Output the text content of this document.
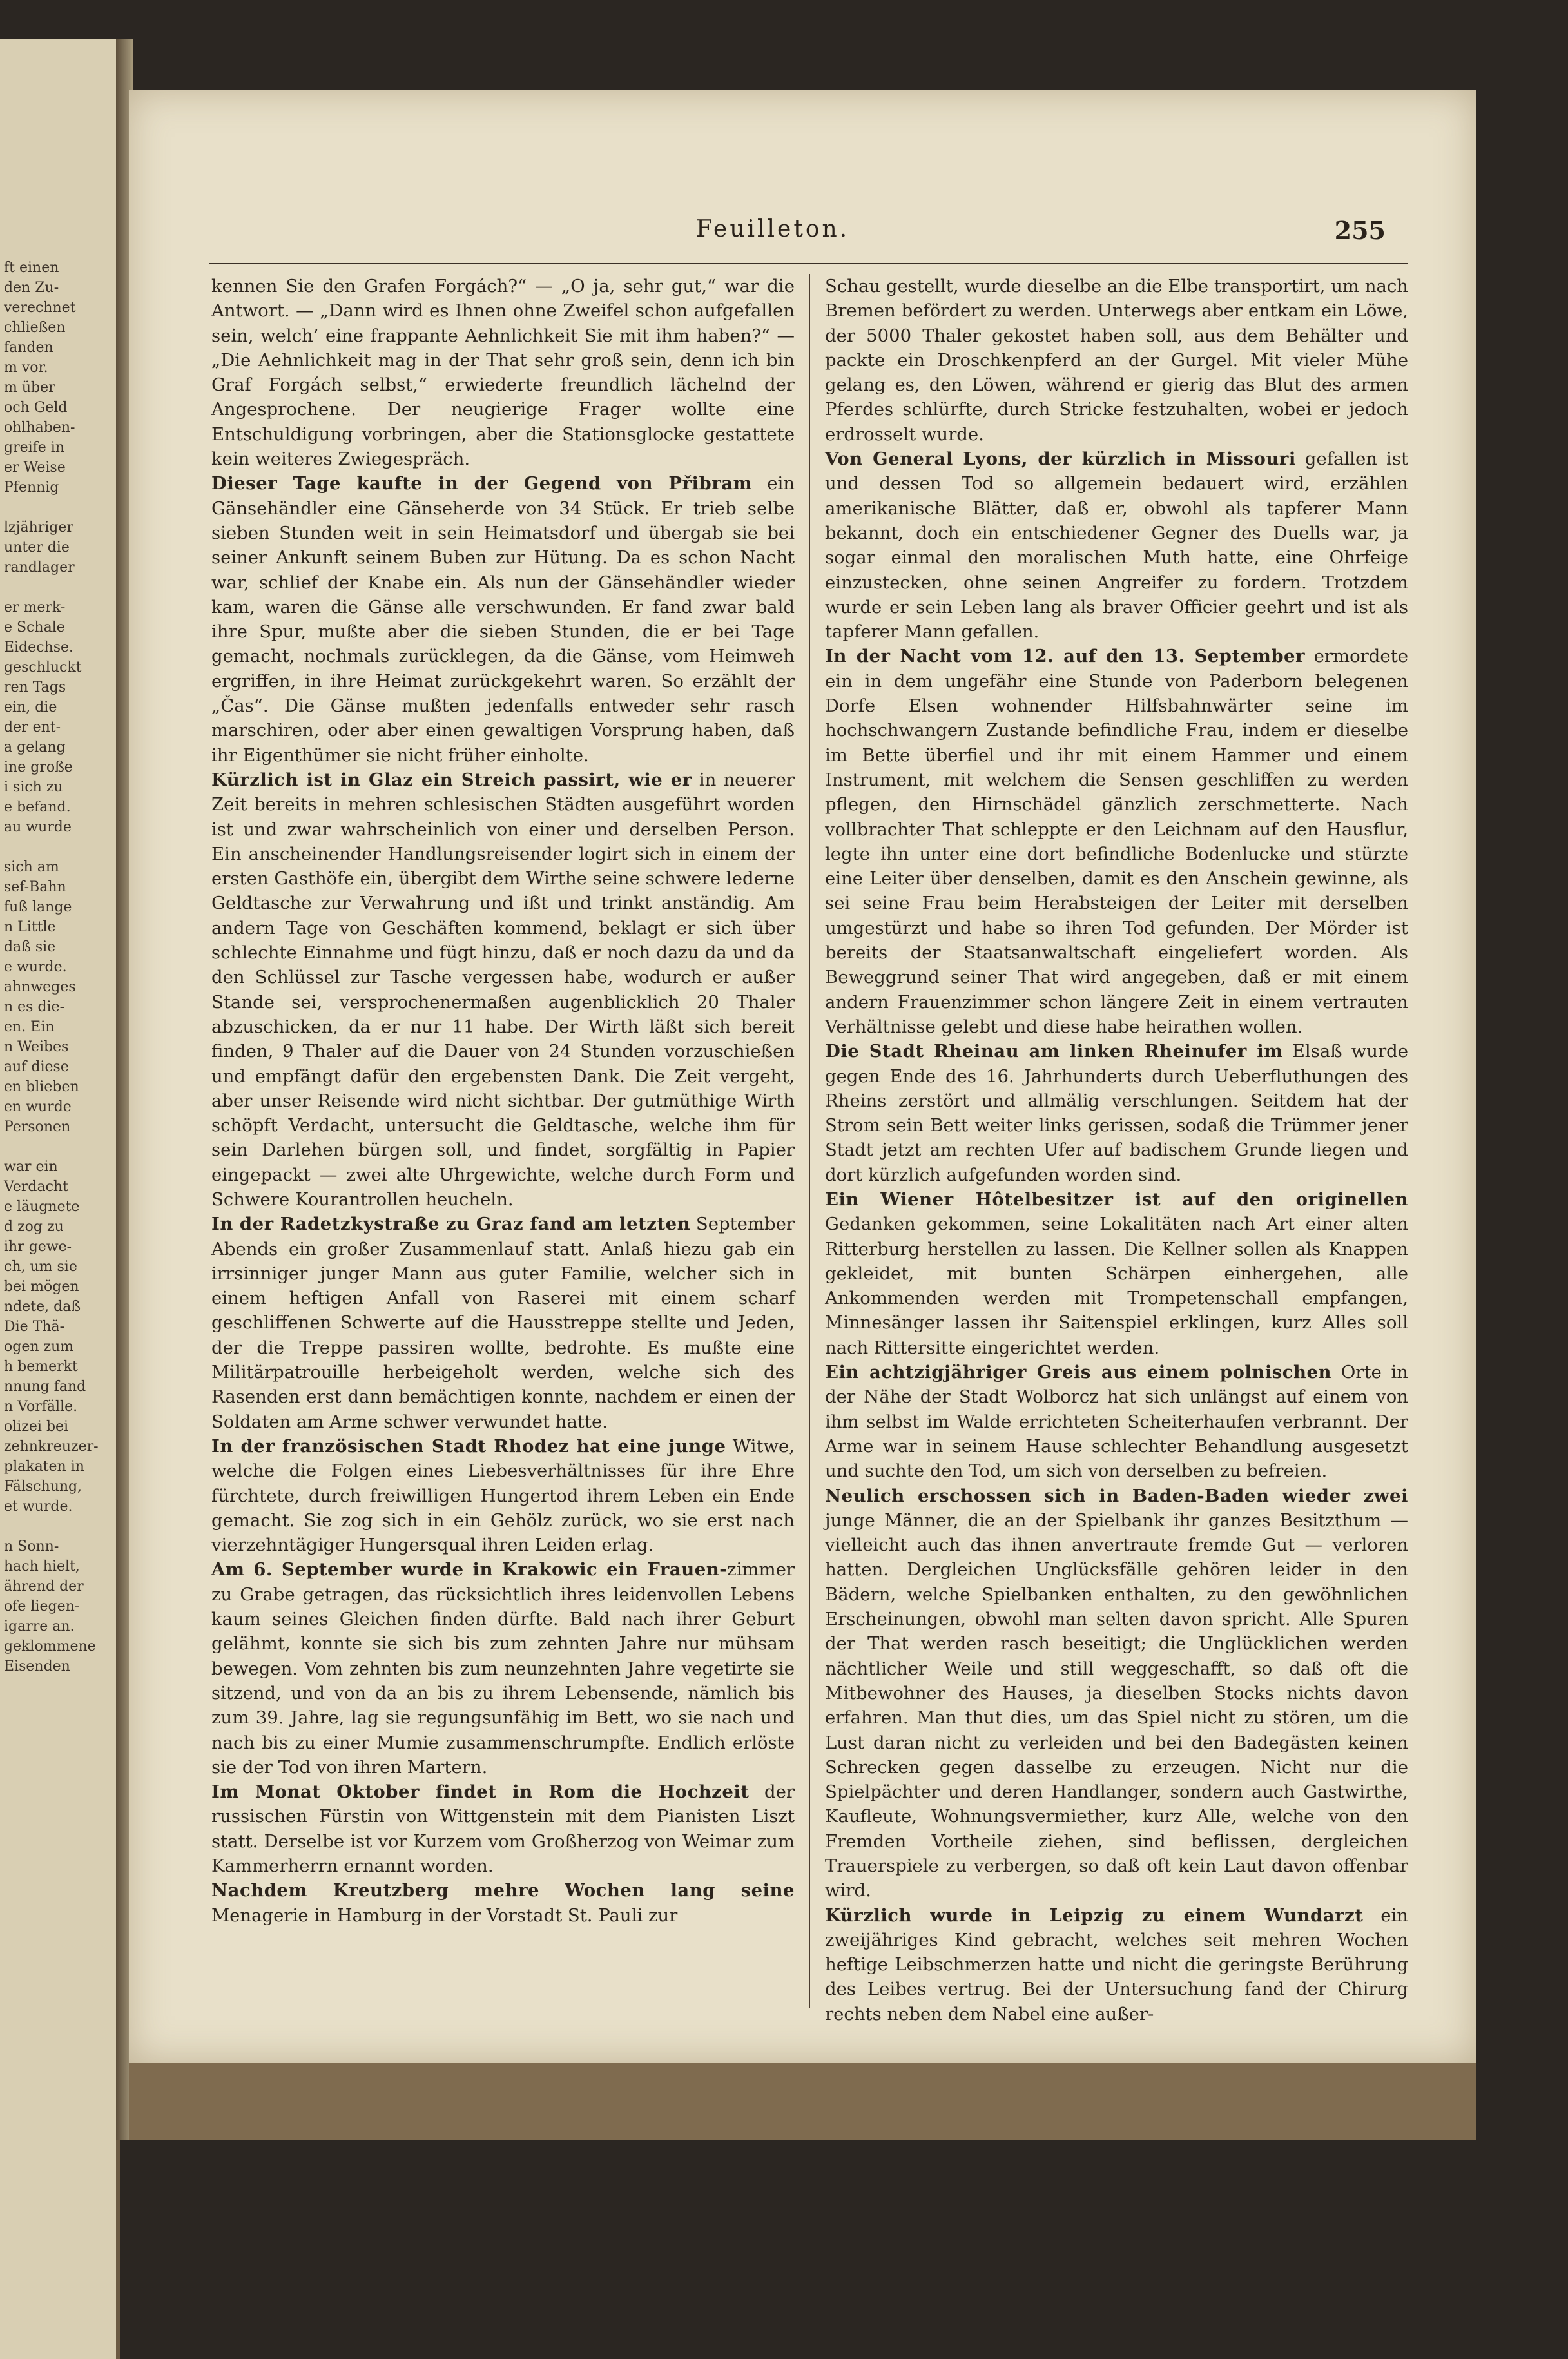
ft einen
den Zu-
verechnet
chließen
fanden
m vor.
m über
och Geld
ohlhaben-
greife in
er Weise
Pfennig

lzjähriger
unter die
randlager

er merk-
e Schale
Eidechse.
geschluckt
ren Tags
ein, die
der ent-
a gelang
ine große
i sich zu
e befand.
au wurde

sich am
sef-Bahn
fuß lange
n Little
daß sie
e wurde.
ahnweges
n es die-
en. Ein
n Weibes
auf diese
en blieben
en wurde
Personen

war ein
Verdacht
e läugnete
d zog zu
ihr gewe-
ch, um sie
bei mögen
ndete, daß
Die Thä-
ogen zum
h bemerkt
nnung fand
n Vorfälle.
olizei bei
zehnkreuzer-
plakaten in
Fälschung,
et wurde.

n Sonn-
hach hielt,
ährend der
ofe liegen-
igarre an.
geklommene
Eisenden
Feuilleton.	255

kennen Sie den Grafen Forgách?“ — „O ja, sehr gut,“ war die Antwort. — „Dann wird es Ihnen ohne Zweifel schon aufgefallen sein, welch’ eine frappante Aehnlichkeit Sie mit ihm haben?“ — „Die Aehnlichkeit mag in der That sehr groß sein, denn ich bin Graf Forgách selbst,“ erwiederte freundlich lächelnd der Angesprochene. Der neugierige Frager wollte eine Entschuldigung vorbringen, aber die Stationsglocke gestattete kein weiteres Zwiegespräch.

Dieser Tage kaufte in der Gegend von Přibram ein Gänsehändler eine Gänseherde von 34 Stück. Er trieb selbe sieben Stunden weit in sein Heimatsdorf und übergab sie bei seiner Ankunft seinem Buben zur Hütung. Da es schon Nacht war, schlief der Knabe ein. Als nun der Gänsehändler wieder kam, waren die Gänse alle verschwunden. Er fand zwar bald ihre Spur, mußte aber die sieben Stunden, die er bei Tage gemacht, nochmals zurücklegen, da die Gänse, vom Heimweh ergriffen, in ihre Heimat zurückgekehrt waren. So erzählt der „Čas“. Die Gänse mußten jedenfalls entweder sehr rasch marschiren, oder aber einen gewaltigen Vorsprung haben, daß ihr Eigenthümer sie nicht früher einholte.

Kürzlich ist in Glaz ein Streich passirt, wie er in neuerer Zeit bereits in mehren schlesischen Städten ausgeführt worden ist und zwar wahrscheinlich von einer und derselben Person. Ein anscheinender Handlungsreisender logirt sich in einem der ersten Gasthöfe ein, übergibt dem Wirthe seine schwere lederne Geldtasche zur Verwahrung und ißt und trinkt anständig. Am andern Tage von Geschäften kommend, beklagt er sich über schlechte Einnahme und fügt hinzu, daß er noch dazu da und da den Schlüssel zur Tasche vergessen habe, wodurch er außer Stande sei, versprochenermaßen augenblicklich 20 Thaler abzuschicken, da er nur 11 habe. Der Wirth läßt sich bereit finden, 9 Thaler auf die Dauer von 24 Stunden vorzuschießen und empfängt dafür den ergebensten Dank. Die Zeit vergeht, aber unser Reisende wird nicht sichtbar. Der gutmüthige Wirth schöpft Verdacht, untersucht die Geldtasche, welche ihm für sein Darlehen bürgen soll, und findet, sorgfältig in Papier eingepackt — zwei alte Uhrgewichte, welche durch Form und Schwere Kourantrollen heucheln.

In der Radetzkystraße zu Graz fand am letzten September Abends ein großer Zusammenlauf statt. Anlaß hiezu gab ein irrsinniger junger Mann aus guter Familie, welcher sich in einem heftigen Anfall von Raserei mit einem scharf geschliffenen Schwerte auf die Hausstreppe stellte und Jeden, der die Treppe passiren wollte, bedrohte. Es mußte eine Militärpatrouille herbeigeholt werden, welche sich des Rasenden erst dann bemächtigen konnte, nachdem er einen der Soldaten am Arme schwer verwundet hatte.

In der französischen Stadt Rhodez hat eine junge Witwe, welche die Folgen eines Liebesverhältnisses für ihre Ehre fürchtete, durch freiwilligen Hungertod ihrem Leben ein Ende gemacht. Sie zog sich in ein Gehölz zurück, wo sie erst nach vierzehntägiger Hungersqual ihren Leiden erlag.

Am 6. September wurde in Krakowic ein Frauen-zimmer zu Grabe getragen, das rücksichtlich ihres leidenvollen Lebens kaum seines Gleichen finden dürfte. Bald nach ihrer Geburt gelähmt, konnte sie sich bis zum zehnten Jahre nur mühsam bewegen. Vom zehnten bis zum neunzehnten Jahre vegetirte sie sitzend, und von da an bis zu ihrem Lebensende, nämlich bis zum 39. Jahre, lag sie regungsunfähig im Bett, wo sie nach und nach bis zu einer Mumie zusammenschrumpfte. Endlich erlöste sie der Tod von ihren Martern.

Im Monat Oktober findet in Rom die Hochzeit der russischen Fürstin von Wittgenstein mit dem Pianisten Liszt statt. Derselbe ist vor Kurzem vom Großherzog von Weimar zum Kammerherrn ernannt worden.

Nachdem Kreutzberg mehre Wochen lang seine Menagerie in Hamburg in der Vorstadt St. Pauli zur

Schau gestellt, wurde dieselbe an die Elbe transportirt, um nach Bremen befördert zu werden. Unterwegs aber entkam ein Löwe, der 5000 Thaler gekostet haben soll, aus dem Behälter und packte ein Droschkenpferd an der Gurgel. Mit vieler Mühe gelang es, den Löwen, während er gierig das Blut des armen Pferdes schlürfte, durch Stricke festzuhalten, wobei er jedoch erdrosselt wurde.

Von General Lyons, der kürzlich in Missouri gefallen ist und dessen Tod so allgemein bedauert wird, erzählen amerikanische Blätter, daß er, obwohl als tapferer Mann bekannt, doch ein entschiedener Gegner des Duells war, ja sogar einmal den moralischen Muth hatte, eine Ohrfeige einzustecken, ohne seinen Angreifer zu fordern. Trotzdem wurde er sein Leben lang als braver Officier geehrt und ist als tapferer Mann gefallen.

In der Nacht vom 12. auf den 13. September ermordete ein in dem ungefähr eine Stunde von Paderborn belegenen Dorfe Elsen wohnender Hilfsbahnwärter seine im hochschwangern Zustande befindliche Frau, indem er dieselbe im Bette überfiel und ihr mit einem Hammer und einem Instrument, mit welchem die Sensen geschliffen zu werden pflegen, den Hirnschädel gänzlich zerschmetterte. Nach vollbrachter That schleppte er den Leichnam auf den Hausflur, legte ihn unter eine dort befindliche Bodenlucke und stürzte eine Leiter über denselben, damit es den Anschein gewinne, als sei seine Frau beim Herabsteigen der Leiter mit derselben umgestürzt und habe so ihren Tod gefunden. Der Mörder ist bereits der Staatsanwaltschaft eingeliefert worden. Als Beweggrund seiner That wird angegeben, daß er mit einem andern Frauenzimmer schon längere Zeit in einem vertrauten Verhältnisse gelebt und diese habe heirathen wollen.

Die Stadt Rheinau am linken Rheinufer im Elsaß wurde gegen Ende des 16. Jahrhunderts durch Ueberfluthungen des Rheins zerstört und allmälig verschlungen. Seitdem hat der Strom sein Bett weiter links gerissen, sodaß die Trümmer jener Stadt jetzt am rechten Ufer auf badischem Grunde liegen und dort kürzlich aufgefunden worden sind.

Ein Wiener Hôtelbesitzer ist auf den originellen Gedanken gekommen, seine Lokalitäten nach Art einer alten Ritterburg herstellen zu lassen. Die Kellner sollen als Knappen gekleidet, mit bunten Schärpen einhergehen, alle Ankommenden werden mit Trompetenschall empfangen, Minnesänger lassen ihr Saitenspiel erklingen, kurz Alles soll nach Rittersitte eingerichtet werden.

Ein achtzigjähriger Greis aus einem polnischen Orte in der Nähe der Stadt Wolborcz hat sich unlängst auf einem von ihm selbst im Walde errichteten Scheiterhaufen verbrannt. Der Arme war in seinem Hause schlechter Behandlung ausgesetzt und suchte den Tod, um sich von derselben zu befreien.

Neulich erschossen sich in Baden-Baden wieder zwei junge Männer, die an der Spielbank ihr ganzes Besitzthum — vielleicht auch das ihnen anvertraute fremde Gut — verloren hatten. Dergleichen Unglücksfälle gehören leider in den Bädern, welche Spielbanken enthalten, zu den gewöhnlichen Erscheinungen, obwohl man selten davon spricht. Alle Spuren der That werden rasch beseitigt; die Unglücklichen werden nächtlicher Weile und still weggeschafft, so daß oft die Mitbewohner des Hauses, ja dieselben Stocks nichts davon erfahren. Man thut dies, um das Spiel nicht zu stören, um die Lust daran nicht zu verleiden und bei den Badegästen keinen Schrecken gegen dasselbe zu erzeugen. Nicht nur die Spielpächter und deren Handlanger, sondern auch Gastwirthe, Kaufleute, Wohnungsvermiether, kurz Alle, welche von den Fremden Vortheile ziehen, sind beflissen, dergleichen Trauerspiele zu verbergen, so daß oft kein Laut davon offenbar wird.

Kürzlich wurde in Leipzig zu einem Wundarzt ein zweijähriges Kind gebracht, welches seit mehren Wochen heftige Leibschmerzen hatte und nicht die geringste Berührung des Leibes vertrug. Bei der Untersuchung fand der Chirurg rechts neben dem Nabel eine außer-
